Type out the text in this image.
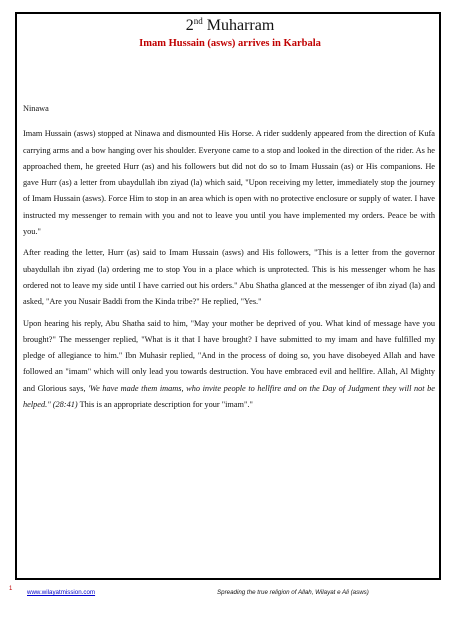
2nd Muharram
Imam Hussain (asws) arrives in Karbala
Ninawa

Imam Hussain (asws) stopped at Ninawa and dismounted His Horse. A rider suddenly appeared from the direction of Kufa carrying arms and a bow hanging over his shoulder. Everyone came to a stop and looked in the direction of the rider. As he approached them, he greeted Hurr (as) and his followers but did not do so to Imam Hussain (as) or His companions. He gave Hurr (as) a letter from ubaydullah ibn ziyad (la) which said, "Upon receiving my letter, immediately stop the journey of Imam Hussain (asws). Force Him to stop in an area which is open with no protective enclosure or supply of water. I have instructed my messenger to remain with you and not to leave you until you have implemented my orders. Peace be with you."

After reading the letter, Hurr (as) said to Imam Hussain (asws) and His followers, "This is a letter from the governor ubaydullah ibn ziyad (la) ordering me to stop You in a place which is unprotected. This is his messenger whom he has ordered not to leave my side until I have carried out his orders." Abu Shatha glanced at the messenger of ibn ziyad (la) and asked, "Are you Nusair Baddi from the Kinda tribe?" He replied, "Yes."

Upon hearing his reply, Abu Shatha said to him, "May your mother be deprived of you. What kind of message have you brought?" The messenger replied, "What is it that I have brought? I have submitted to my imam and have fulfilled my pledge of allegiance to him." Ibn Muhasir replied, "And in the process of doing so, you have disobeyed Allah and have followed an "imam" which will only lead you towards destruction. You have embraced evil and hellfire. Allah, Al Mighty and Glorious says, 'We have made them imams, who invite people to hellfire and on the Day of Judgment they will not be helped." (28:41) This is an appropriate description for your "imam"."

1 www.wilayatmission.com	Spreading the true religion of Allah, Wilayat e Ali (asws)
